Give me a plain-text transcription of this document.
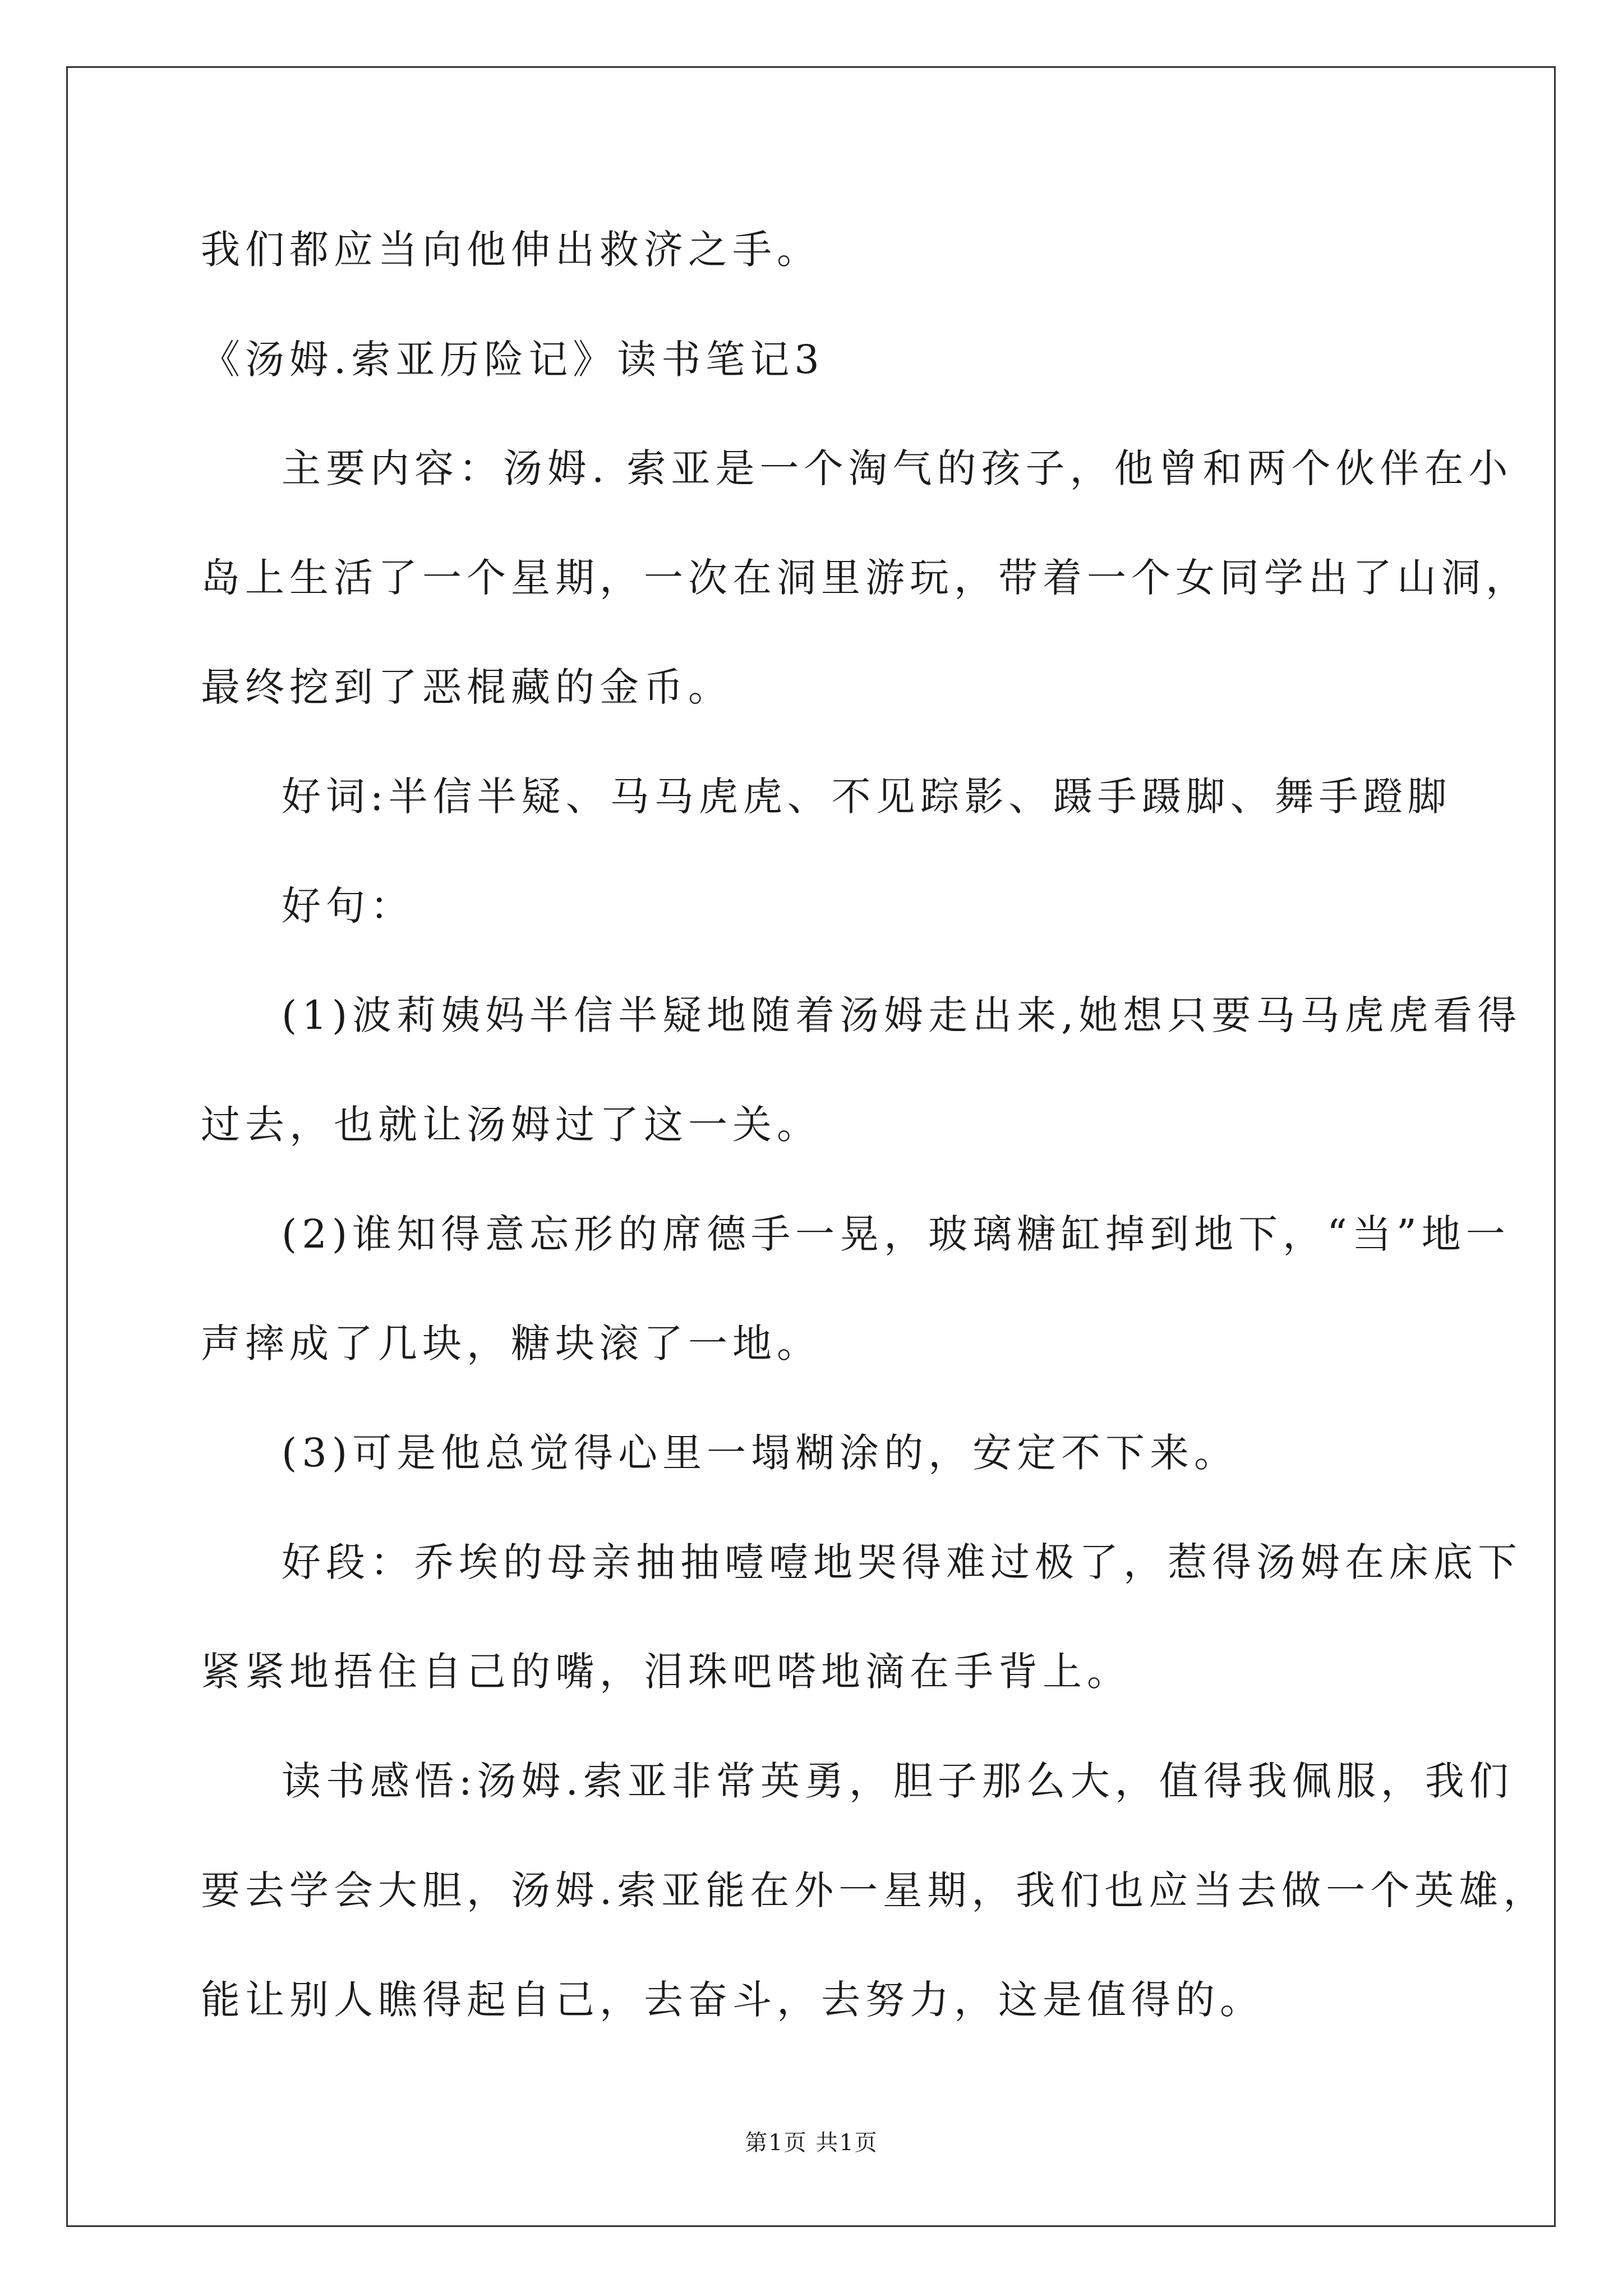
我们都应当向他伸出救济之手。
《汤姆.索亚历险记》读书笔记3
主要内容：汤姆. 索亚是一个淘气的孩子，他曾和两个伙伴在小
岛上生活了一个星期，一次在洞里游玩，带着一个女同学出了山洞，
最终挖到了恶棍藏的金币。
好词:半信半疑、马马虎虎、不见踪影、蹑手蹑脚、舞手蹬脚
好句：
(1)波莉姨妈半信半疑地随着汤姆走出来,她想只要马马虎虎看得
过去，也就让汤姆过了这一关。
(2)谁知得意忘形的席德手一晃，玻璃糖缸掉到地下，“当”地一
声摔成了几块，糖块滚了一地。
(3)可是他总觉得心里一塌糊涂的，安定不下来。
好段：乔埃的母亲抽抽噎噎地哭得难过极了，惹得汤姆在床底下
紧紧地捂住自己的嘴，泪珠吧嗒地滴在手背上。
读书感悟:汤姆.索亚非常英勇，胆子那么大，值得我佩服，我们
要去学会大胆，汤姆.索亚能在外一星期，我们也应当去做一个英雄，
能让别人瞧得起自己，去奋斗，去努力，这是值得的。
第1页 共1页
